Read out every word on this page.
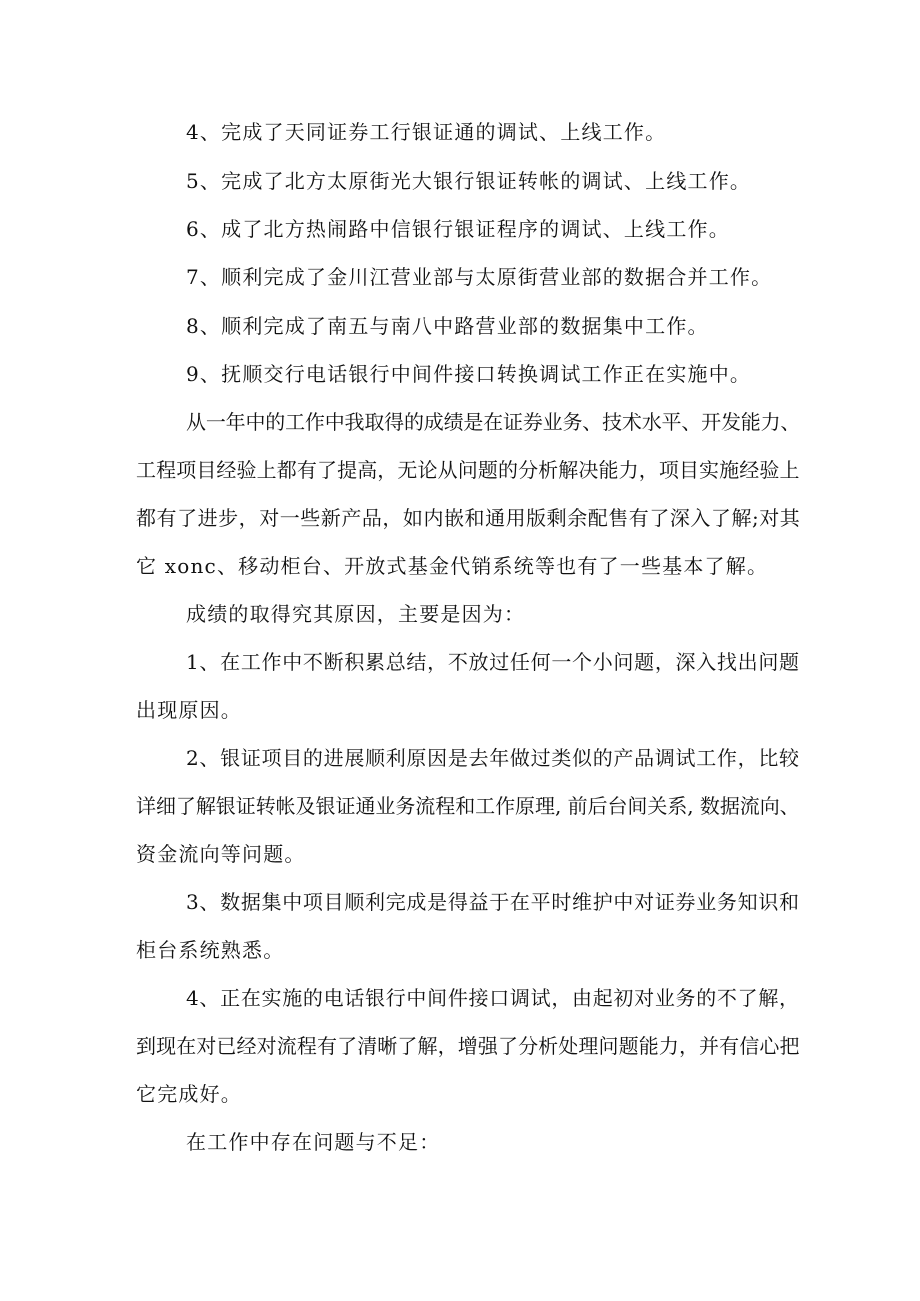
4、完成了天同证券工行银证通的调试、上线工作。

5、完成了北方太原街光大银行银证转帐的调试、上线工作。

6、成了北方热闹路中信银行银证程序的调试、上线工作。

7、顺利完成了金川江营业部与太原街营业部的数据合并工作。

8、顺利完成了南五与南八中路营业部的数据集中工作。

9、抚顺交行电话银行中间件接口转换调试工作正在实施中。

从一年中的工作中我取得的成绩是在证券业务、技术水平、开发能力、

工程项目经验上都有了提高，无论从问题的分析解决能力，项目实施经验上

都有了进步，对一些新产品，如内嵌和通用版剩余配售有了深入了解;对其

它 xonc、移动柜台、开放式基金代销系统等也有了一些基本了解。

成绩的取得究其原因，主要是因为：

1、在工作中不断积累总结，不放过任何一个小问题，深入找出问题

出现原因。

2、银证项目的进展顺利原因是去年做过类似的产品调试工作，比较

详细了解银证转帐及银证通业务流程和工作原理, 前后台间关系, 数据流向、

资金流向等问题。

3、数据集中项目顺利完成是得益于在平时维护中对证券业务知识和

柜台系统熟悉。

4、正在实施的电话银行中间件接口调试，由起初对业务的不了解，

到现在对已经对流程有了清晰了解，增强了分析处理问题能力，并有信心把

它完成好。

在工作中存在问题与不足：
